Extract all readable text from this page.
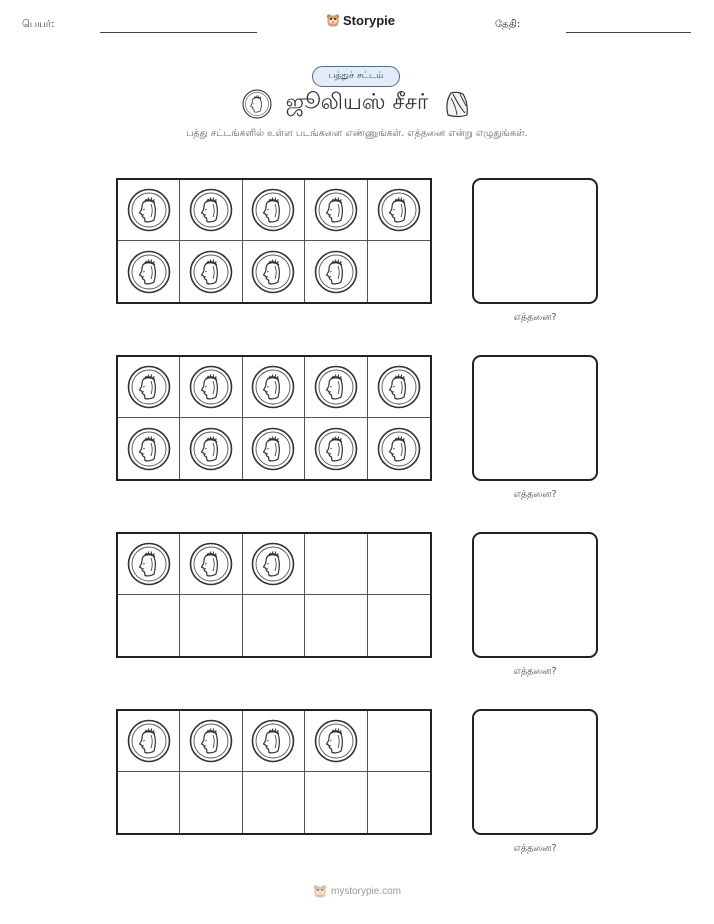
பெயர்:	Storypie	தேதி:
பத்துச் சட்டம்
ஜூலியஸ் சீசர்
பத்து சட்டங்களில் உள்ள படங்களை எண்ணுங்கள். எத்தனை என்று எழுதுங்கள்.
எத்தனை?
எத்தனை?
எத்தனை?
எத்தனை?
mystorypie.com
